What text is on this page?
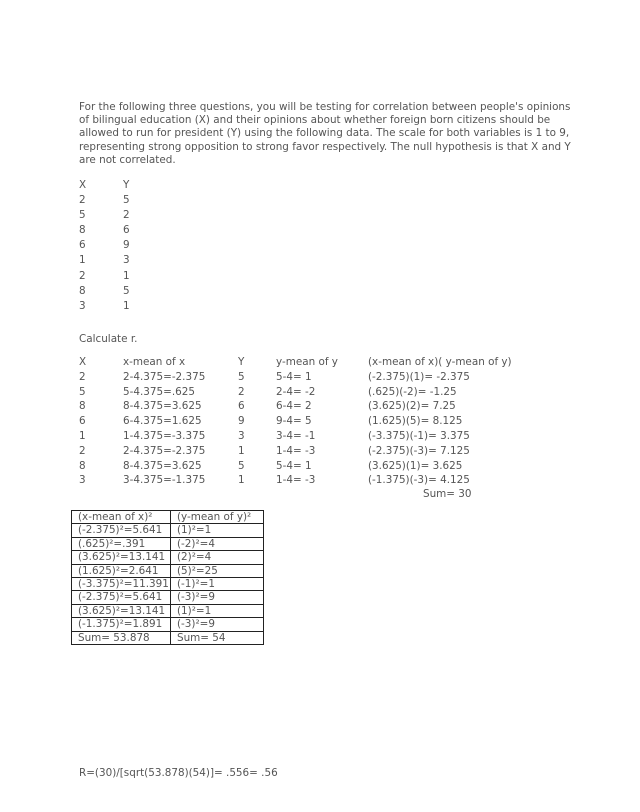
For the following three questions, you will be testing for correlation between people's opinions of bilingual education (X) and their opinions about whether foreign born citizens should be allowed to run for president (Y) using the following data. The scale for both variables is 1 to 9, representing strong opposition to strong favor respectively. The null hypothesis is that X and Y are not correlated.

X	Y
2	5
5	2
8	6
6	9
1	3
2	1
8	5
3	1
Calculate r.
X	x-mean of x	Y	y-mean of y	(x-mean of x)( y-mean of y)
2	2-4.375=-2.375	5	5-4= 1	(-2.375)(1)= -2.375
5	5-4.375=.625	2	2-4= -2	(.625)(-2)= -1.25
8	8-4.375=3.625	6	6-4= 2	(3.625)(2)= 7.25
6	6-4.375=1.625	9	9-4= 5	(1.625)(5)= 8.125
1	1-4.375=-3.375	3	3-4= -1	(-3.375)(-1)= 3.375
2	2-4.375=-2.375	1	1-4= -3	(-2.375)(-3)= 7.125
8	8-4.375=3.625	5	5-4= 1	(3.625)(1)= 3.625
3	3-4.375=-1.375	1	1-4= -3	(-1.375)(-3)= 4.125
Sum= 30
(x-mean of x)²	(y-mean of y)²
(-2.375)²=5.641	(1)²=1
(.625)²=.391	(-2)²=4
(3.625)²=13.141	(2)²=4
(1.625)²=2.641	(5)²=25
(-3.375)²=11.391	(-1)²=1
(-2.375)²=5.641	(-3)²=9
(3.625)²=13.141	(1)²=1
(-1.375)²=1.891	(-3)²=9
Sum= 53.878	Sum= 54
R=(30)/[sqrt(53.878)(54)]= .556= .56
